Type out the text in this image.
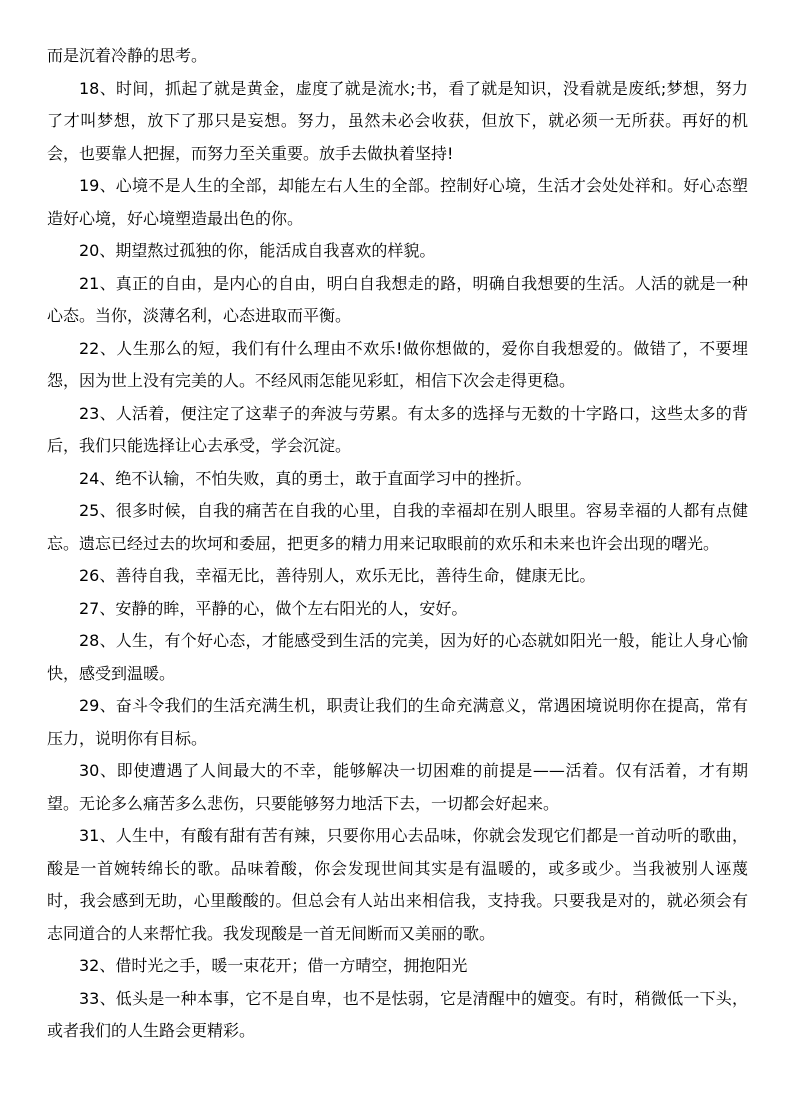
而是沉着冷静的思考。

18、时间，抓起了就是黄金，虚度了就是流水;书，看了就是知识，没看就是废纸;梦想，努力了才叫梦想，放下了那只是妄想。努力，虽然未必会收获，但放下，就必须一无所获。再好的机会，也要靠人把握，而努力至关重要。放手去做执着坚持!

19、心境不是人生的全部，却能左右人生的全部。控制好心境，生活才会处处祥和。好心态塑造好心境，好心境塑造最出色的你。

20、期望熬过孤独的你，能活成自我喜欢的样貌。

21、真正的自由，是内心的自由，明白自我想走的路，明确自我想要的生活。人活的就是一种心态。当你，淡薄名利，心态进取而平衡。

22、人生那么的短，我们有什么理由不欢乐!做你想做的，爱你自我想爱的。做错了，不要埋怨，因为世上没有完美的人。不经风雨怎能见彩虹，相信下次会走得更稳。

23、人活着，便注定了这辈子的奔波与劳累。有太多的选择与无数的十字路口，这些太多的背后，我们只能选择让心去承受，学会沉淀。

24、绝不认输，不怕失败，真的勇士，敢于直面学习中的挫折。

25、很多时候，自我的痛苦在自我的心里，自我的幸福却在别人眼里。容易幸福的人都有点健忘。遗忘已经过去的坎坷和委屈，把更多的精力用来记取眼前的欢乐和未来也许会出现的曙光。

26、善待自我，幸福无比，善待别人，欢乐无比，善待生命，健康无比。

27、安静的眸，平静的心，做个左右阳光的人，安好。

28、人生，有个好心态，才能感受到生活的完美，因为好的心态就如阳光一般，能让人身心愉快，感受到温暖。

29、奋斗令我们的生活充满生机，职责让我们的生命充满意义，常遇困境说明你在提高，常有压力，说明你有目标。

30、即使遭遇了人间最大的不幸，能够解决一切困难的前提是——活着。仅有活着，才有期望。无论多么痛苦多么悲伤，只要能够努力地活下去，一切都会好起来。

31、人生中，有酸有甜有苦有辣，只要你用心去品味，你就会发现它们都是一首动听的歌曲，酸是一首婉转绵长的歌。品味着酸，你会发现世间其实是有温暖的，或多或少。当我被别人诬蔑时，我会感到无助，心里酸酸的。但总会有人站出来相信我，支持我。只要我是对的，就必须会有志同道合的人来帮忙我。我发现酸是一首无间断而又美丽的歌。

32、借时光之手，暖一束花开；借一方晴空，拥抱阳光

33、低头是一种本事，它不是自卑，也不是怯弱，它是清醒中的嬗变。有时，稍微低一下头，或者我们的人生路会更精彩。
